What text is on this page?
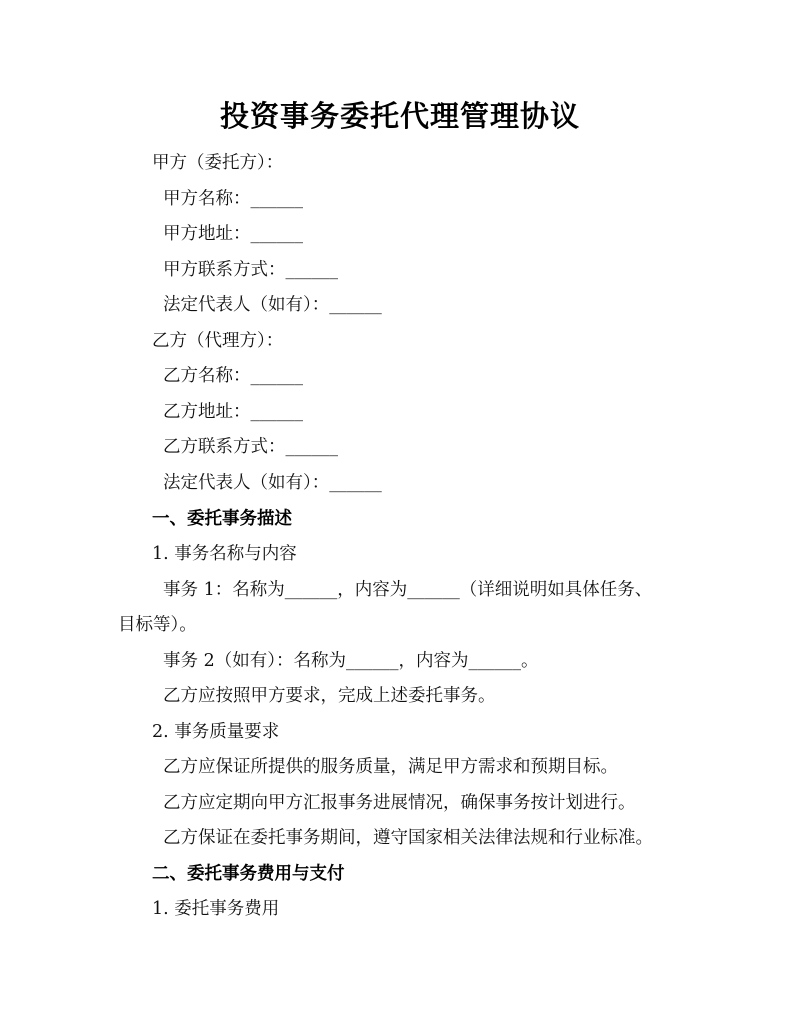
投资事务委托代理管理协议
甲方（委托方）：
甲方名称：______
甲方地址：______
甲方联系方式：______
法定代表人（如有）：______
乙方（代理方）：
乙方名称：______
乙方地址：______
乙方联系方式：______
法定代表人（如有）：______
一、委托事务描述
1. 事务名称与内容
事务 1：名称为______，内容为______（详细说明如具体任务、
目标等）。
事务 2（如有）：名称为______，内容为______。
乙方应按照甲方要求，完成上述委托事务。
2. 事务质量要求
乙方应保证所提供的服务质量，满足甲方需求和预期目标。
乙方应定期向甲方汇报事务进展情况，确保事务按计划进行。
乙方保证在委托事务期间，遵守国家相关法律法规和行业标准。
二、委托事务费用与支付
1. 委托事务费用
